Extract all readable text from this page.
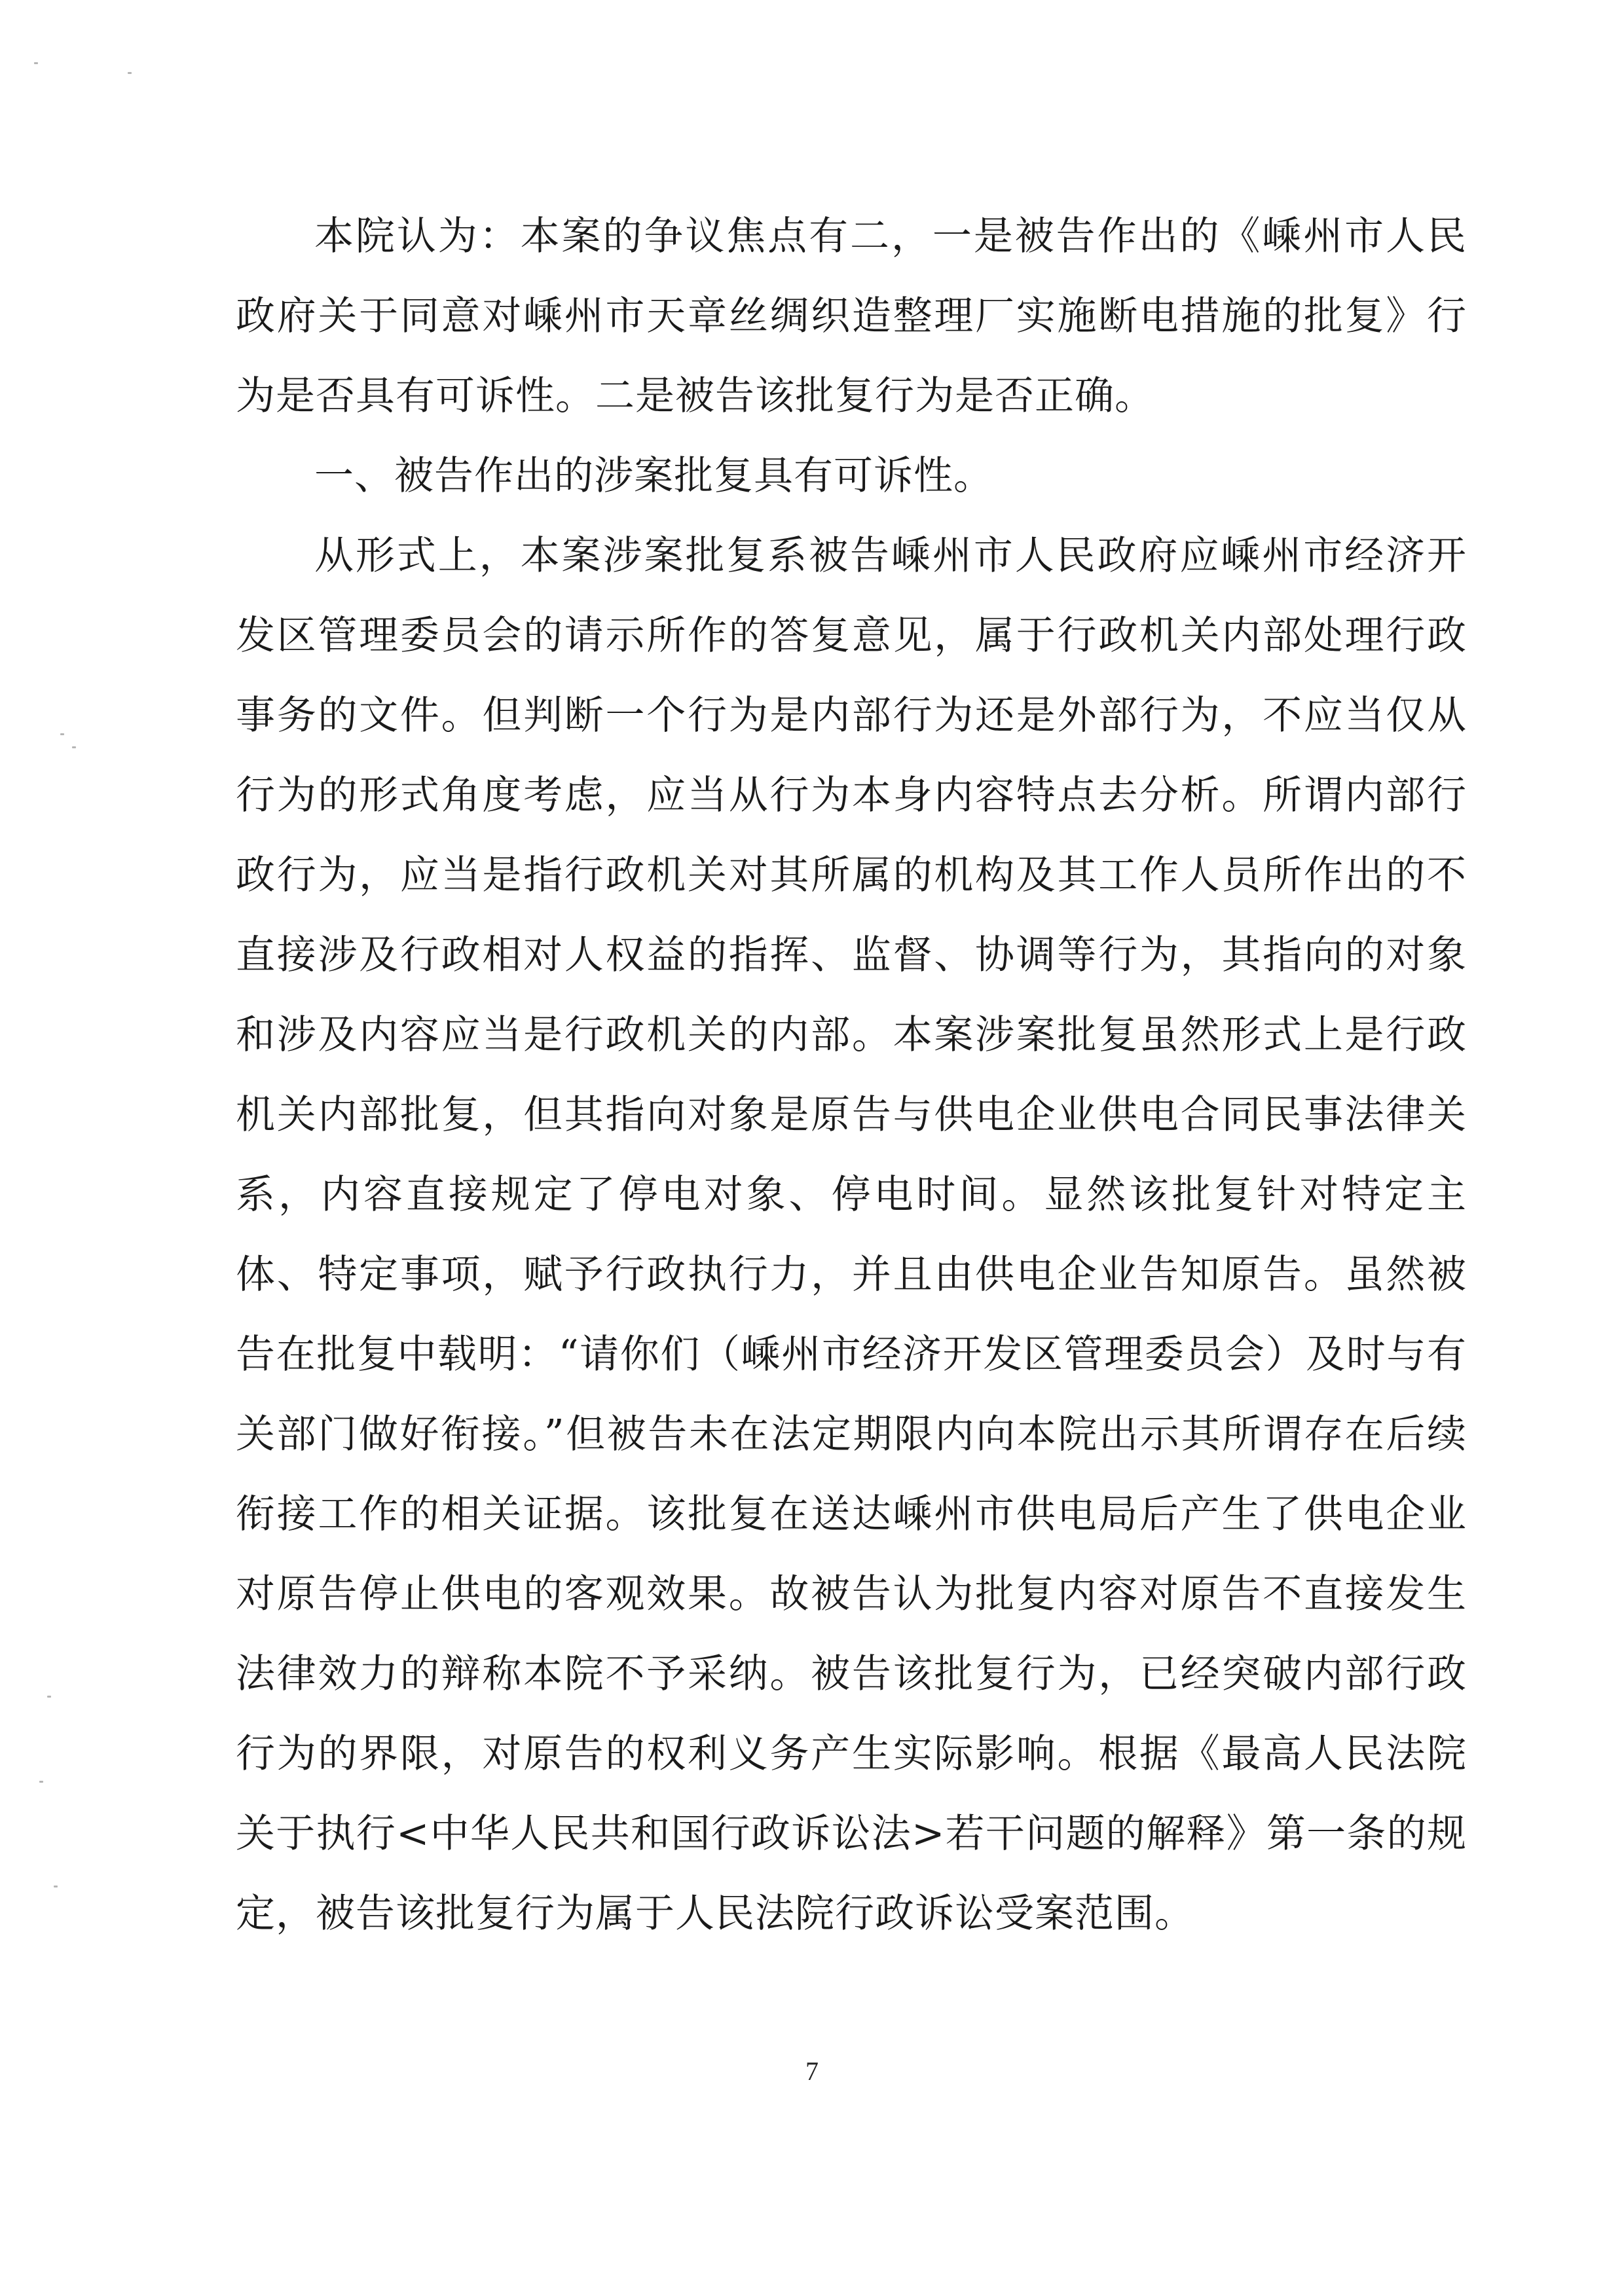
本院认为：本案的争议焦点有二，一是被告作出的《嵊州市人民政府关于同意对嵊州市天章丝绸织造整理厂实施断电措施的批复》行为是否具有可诉性。二是被告该批复行为是否正确。

一、被告作出的涉案批复具有可诉性。

从形式上，本案涉案批复系被告嵊州市人民政府应嵊州市经济开发区管理委员会的请示所作的答复意见，属于行政机关内部处理行政事务的文件。但判断一个行为是内部行为还是外部行为，不应当仅从行为的形式角度考虑，应当从行为本身内容特点去分析。所谓内部行政行为，应当是指行政机关对其所属的机构及其工作人员所作出的不直接涉及行政相对人权益的指挥、监督、协调等行为，其指向的对象和涉及内容应当是行政机关的内部。本案涉案批复虽然形式上是行政机关内部批复，但其指向对象是原告与供电企业供电合同民事法律关系，内容直接规定了停电对象、停电时间。显然该批复针对特定主体、特定事项，赋予行政执行力，并且由供电企业告知原告。虽然被告在批复中载明：“请你们（嵊州市经济开发区管理委员会）及时与有关部门做好衔接。”但被告未在法定期限内向本院出示其所谓存在后续衔接工作的相关证据。该批复在送达嵊州市供电局后产生了供电企业对原告停止供电的客观效果。故被告认为批复内容对原告不直接发生法律效力的辩称本院不予采纳。被告该批复行为，已经突破内部行政行为的界限，对原告的权利义务产生实际影响。根据《最高人民法院关于执行<中华人民共和国行政诉讼法>若干问题的解释》第一条的规定，被告该批复行为属于人民法院行政诉讼受案范围。

7
